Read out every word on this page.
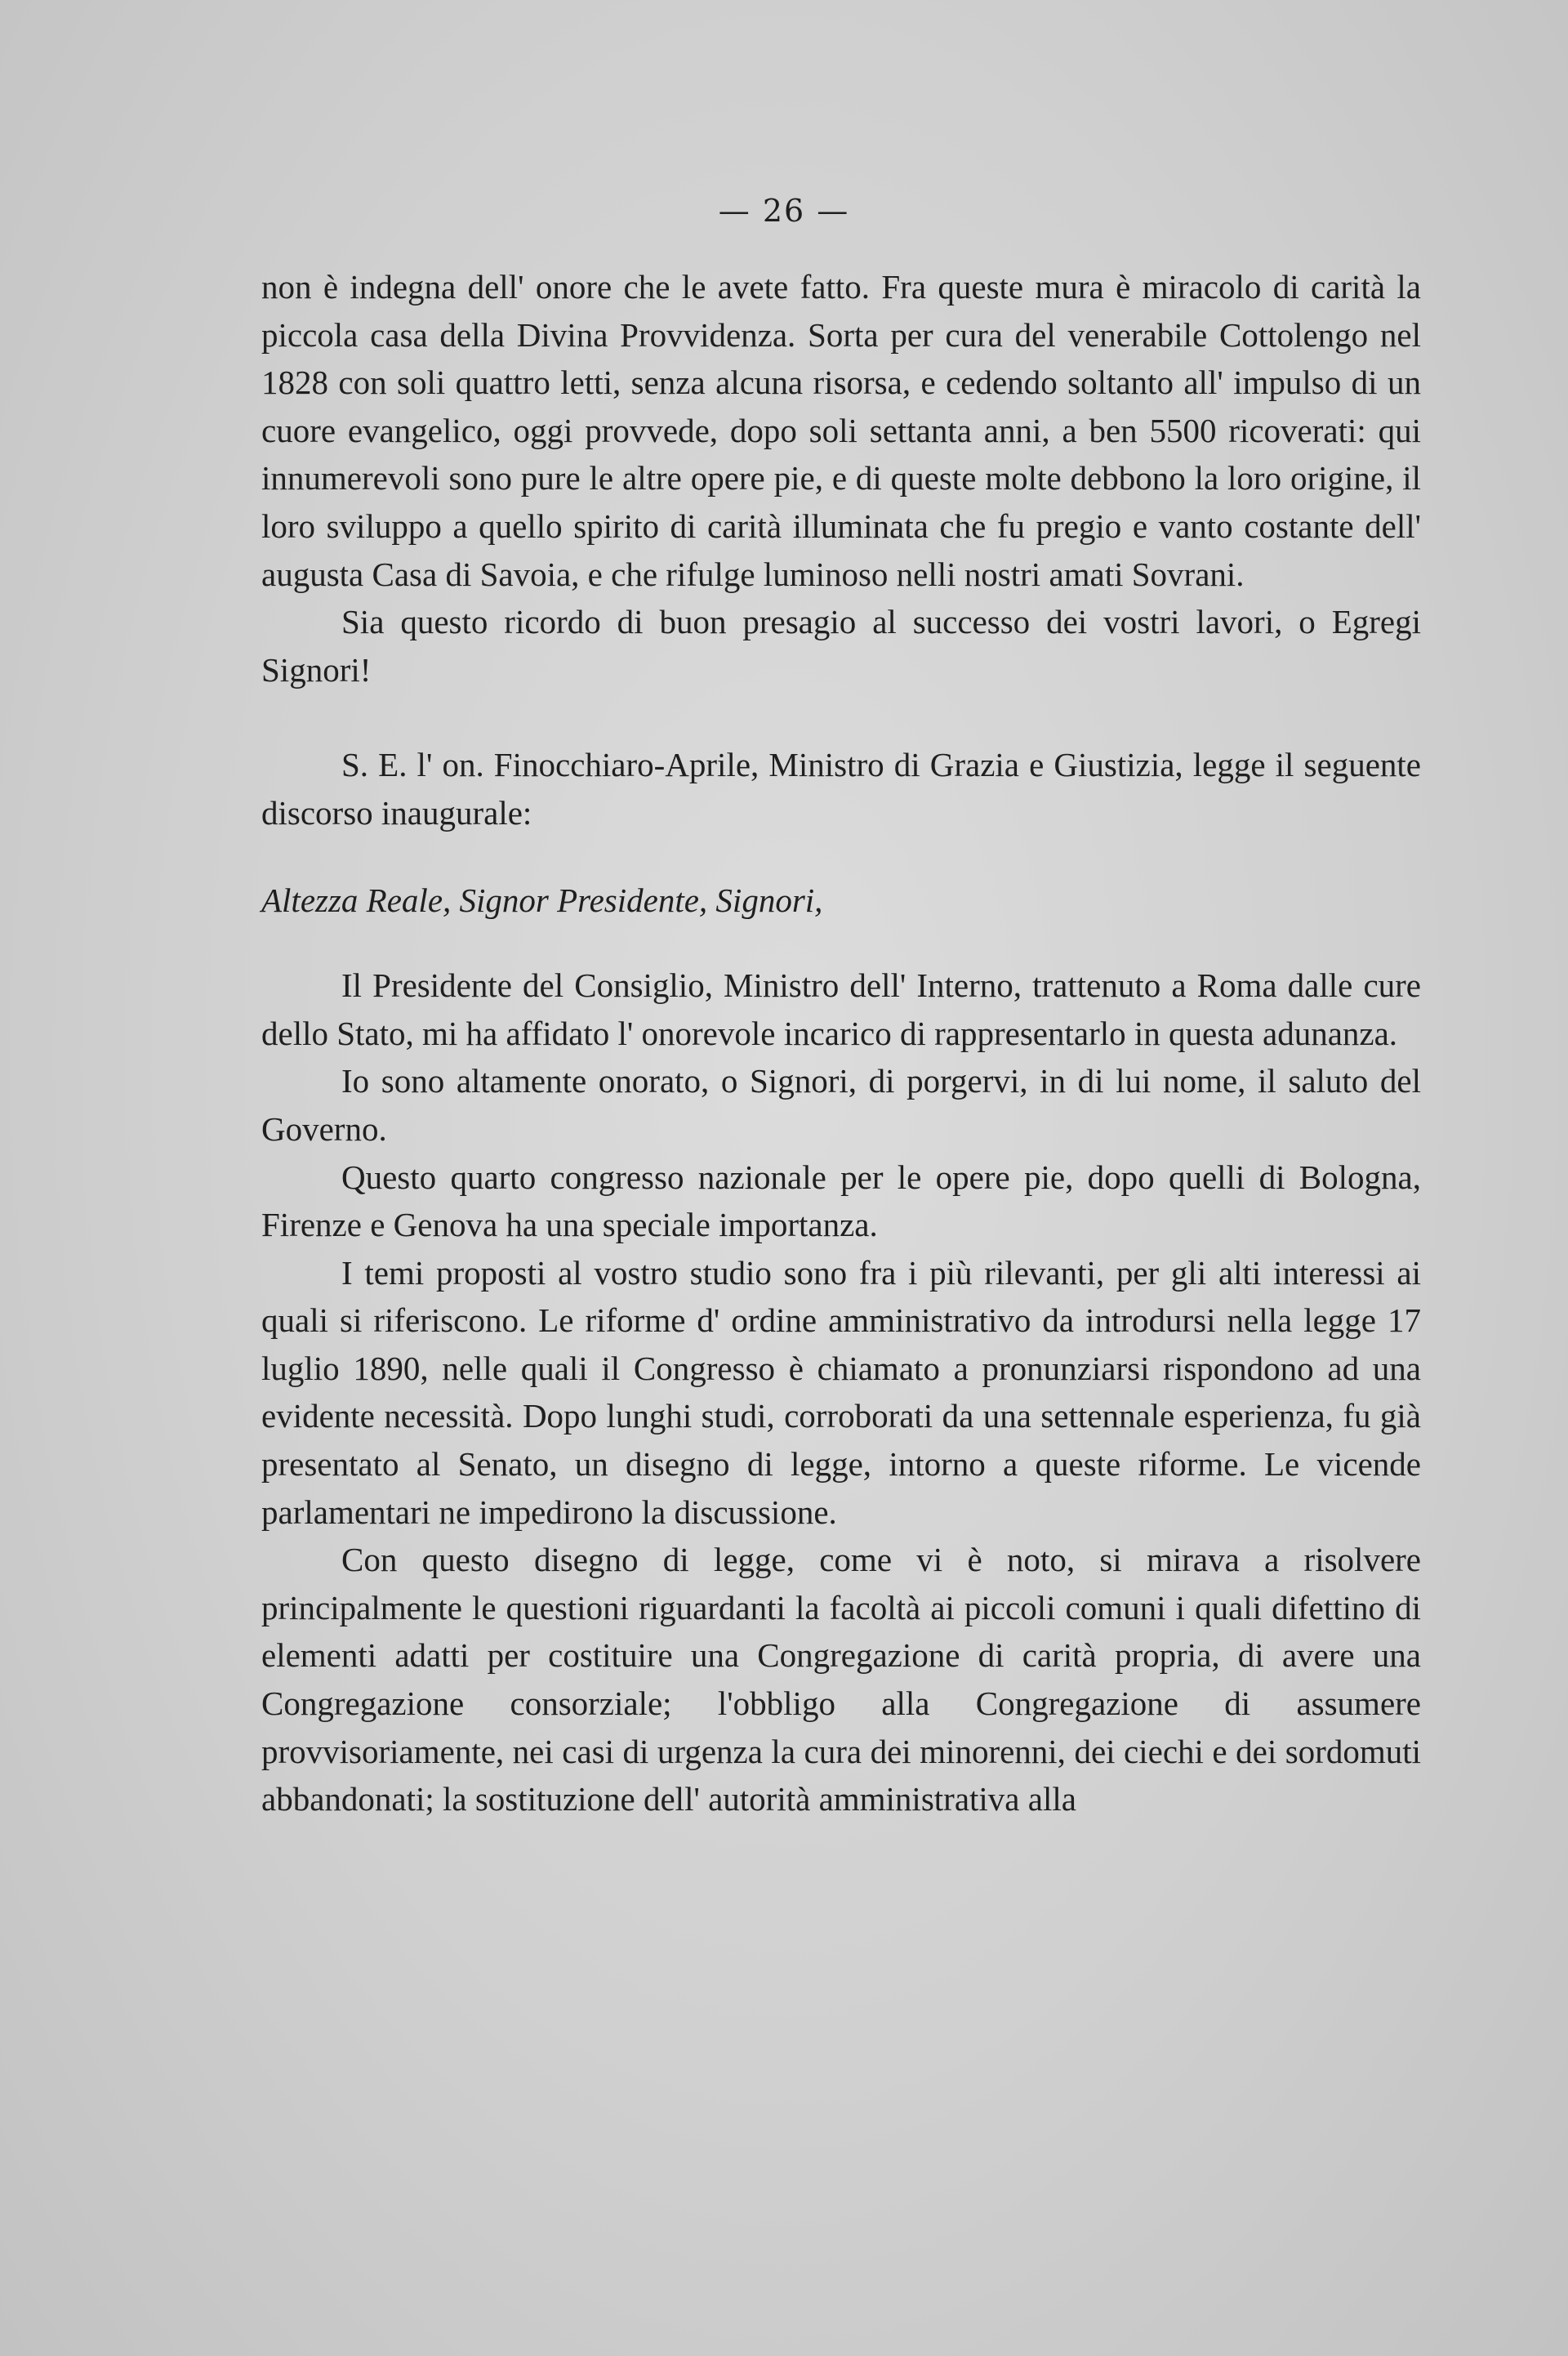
— 26 —

non è indegna dell' onore che le avete fatto. Fra queste mura è miracolo di carità la piccola casa della Divina Provvidenza. Sorta per cura del venerabile Cottolengo nel 1828 con soli quattro letti, senza alcuna risorsa, e cedendo soltanto all' impulso di un cuore evangelico, oggi provvede, dopo soli settanta anni, a ben 5500 ricoverati: qui innumerevoli sono pure le altre opere pie, e di queste molte debbono la loro origine, il loro sviluppo a quello spirito di carità illuminata che fu pregio e vanto costante dell' augusta Casa di Savoia, e che rifulge luminoso nelli nostri amati Sovrani.

Sia questo ricordo di buon presagio al successo dei vostri lavori, o Egregi Signori!

S. E. l' on. Finocchiaro-Aprile, Ministro di Grazia e Giustizia, legge il seguente discorso inaugurale:

Altezza Reale, Signor Presidente, Signori,

Il Presidente del Consiglio, Ministro dell' Interno, trattenuto a Roma dalle cure dello Stato, mi ha affidato l' onorevole incarico di rappresentarlo in questa adunanza.

Io sono altamente onorato, o Signori, di porgervi, in di lui nome, il saluto del Governo.

Questo quarto congresso nazionale per le opere pie, dopo quelli di Bologna, Firenze e Genova ha una speciale importanza.

I temi proposti al vostro studio sono fra i più rilevanti, per gli alti interessi ai quali si riferiscono. Le riforme d' ordine amministrativo da introdursi nella legge 17 luglio 1890, nelle quali il Congresso è chiamato a pronunziarsi rispondono ad una evidente necessità. Dopo lunghi studi, corroborati da una settennale esperienza, fu già presentato al Senato, un disegno di legge, intorno a queste riforme. Le vicende parlamentari ne impedirono la discussione.

Con questo disegno di legge, come vi è noto, si mirava a risolvere principalmente le questioni riguardanti la facoltà ai piccoli comuni i quali difettino di elementi adatti per costituire una Congregazione di carità propria, di avere una Congregazione consorziale; l'obbligo alla Congregazione di assumere provvisoriamente, nei casi di urgenza la cura dei minorenni, dei ciechi e dei sordomuti abbandonati; la sostituzione dell' autorità amministrativa alla
